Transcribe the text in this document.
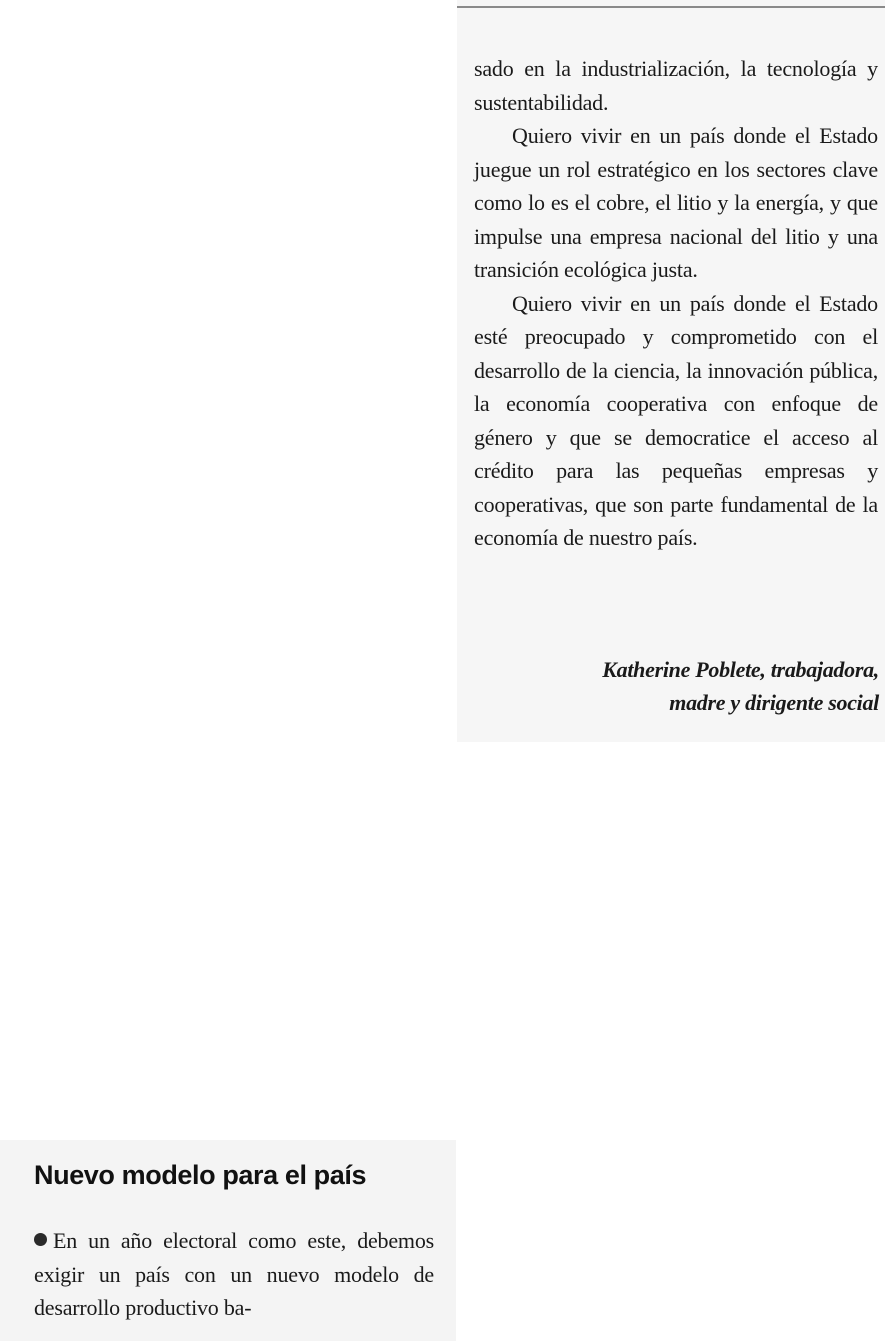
sado en la industrialización, la tecnología y sustentabilidad.

Quiero vivir en un país donde el Estado juegue un rol estratégico en los sectores clave como lo es el cobre, el litio y la energía, y que impulse una empresa nacional del litio y una transición ecológica justa.

Quiero vivir en un país donde el Estado esté preocupado y comprometido con el desarrollo de la ciencia, la innovación pública, la economía cooperativa con enfoque de género y que se democratice el acceso al crédito para las pequeñas empresas y cooperativas, que son parte fundamental de la economía de nuestro país.

Katherine Poblete, trabajadora,
madre y dirigente social
Nuevo modelo para el país
En un año electoral como este, debemos exigir un país con un nuevo modelo de desarrollo productivo ba-
